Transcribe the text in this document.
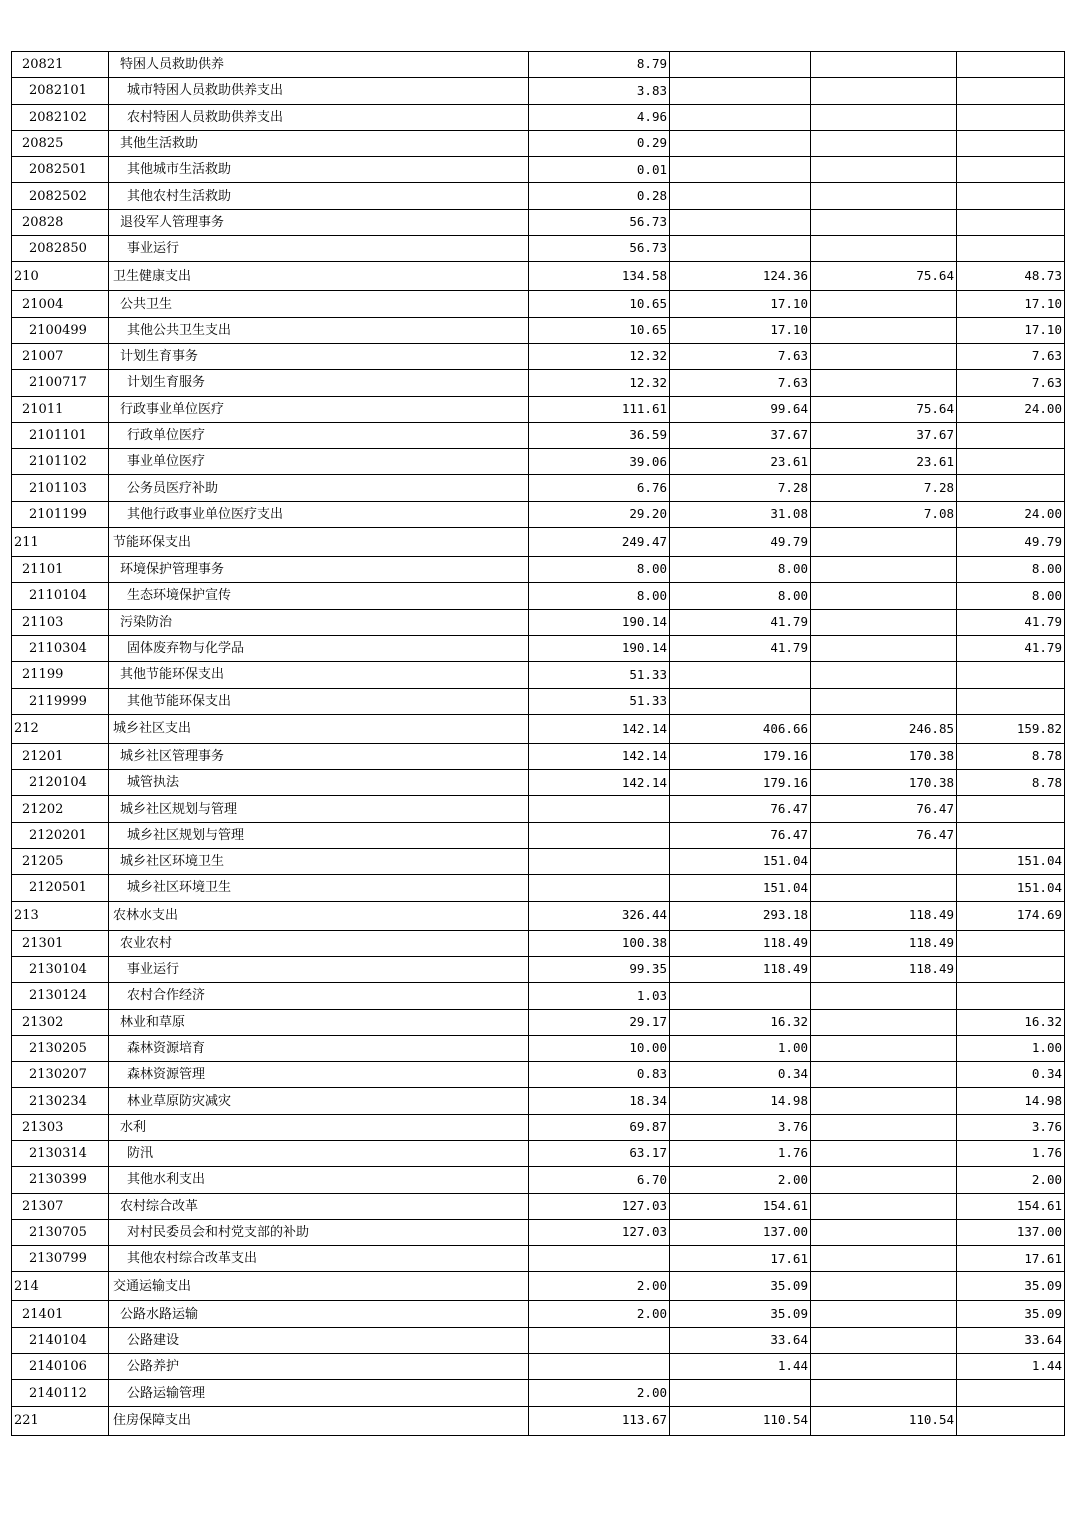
20821	特困人员救助供养	8.79			
2082101	城市特困人员救助供养支出	3.83			
2082102	农村特困人员救助供养支出	4.96			
20825	其他生活救助	0.29			
2082501	其他城市生活救助	0.01			
2082502	其他农村生活救助	0.28			
20828	退役军人管理事务	56.73			
2082850	事业运行	56.73			
210	卫生健康支出	134.58	124.36	75.64	48.73
21004	公共卫生	10.65	17.10		17.10
2100499	其他公共卫生支出	10.65	17.10		17.10
21007	计划生育事务	12.32	7.63		7.63
2100717	计划生育服务	12.32	7.63		7.63
21011	行政事业单位医疗	111.61	99.64	75.64	24.00
2101101	行政单位医疗	36.59	37.67	37.67	
2101102	事业单位医疗	39.06	23.61	23.61	
2101103	公务员医疗补助	6.76	7.28	7.28	
2101199	其他行政事业单位医疗支出	29.20	31.08	7.08	24.00
211	节能环保支出	249.47	49.79		49.79
21101	环境保护管理事务	8.00	8.00		8.00
2110104	生态环境保护宣传	8.00	8.00		8.00
21103	污染防治	190.14	41.79		41.79
2110304	固体废弃物与化学品	190.14	41.79		41.79
21199	其他节能环保支出	51.33			
2119999	其他节能环保支出	51.33			
212	城乡社区支出	142.14	406.66	246.85	159.82
21201	城乡社区管理事务	142.14	179.16	170.38	8.78
2120104	城管执法	142.14	179.16	170.38	8.78
21202	城乡社区规划与管理		76.47	76.47	
2120201	城乡社区规划与管理		76.47	76.47	
21205	城乡社区环境卫生		151.04		151.04
2120501	城乡社区环境卫生		151.04		151.04
213	农林水支出	326.44	293.18	118.49	174.69
21301	农业农村	100.38	118.49	118.49	
2130104	事业运行	99.35	118.49	118.49	
2130124	农村合作经济	1.03			
21302	林业和草原	29.17	16.32		16.32
2130205	森林资源培育	10.00	1.00		1.00
2130207	森林资源管理	0.83	0.34		0.34
2130234	林业草原防灾减灾	18.34	14.98		14.98
21303	水利	69.87	3.76		3.76
2130314	防汛	63.17	1.76		1.76
2130399	其他水利支出	6.70	2.00		2.00
21307	农村综合改革	127.03	154.61		154.61
2130705	对村民委员会和村党支部的补助	127.03	137.00		137.00
2130799	其他农村综合改革支出		17.61		17.61
214	交通运输支出	2.00	35.09		35.09
21401	公路水路运输	2.00	35.09		35.09
2140104	公路建设		33.64		33.64
2140106	公路养护		1.44		1.44
2140112	公路运输管理	2.00			
221	住房保障支出	113.67	110.54	110.54	
